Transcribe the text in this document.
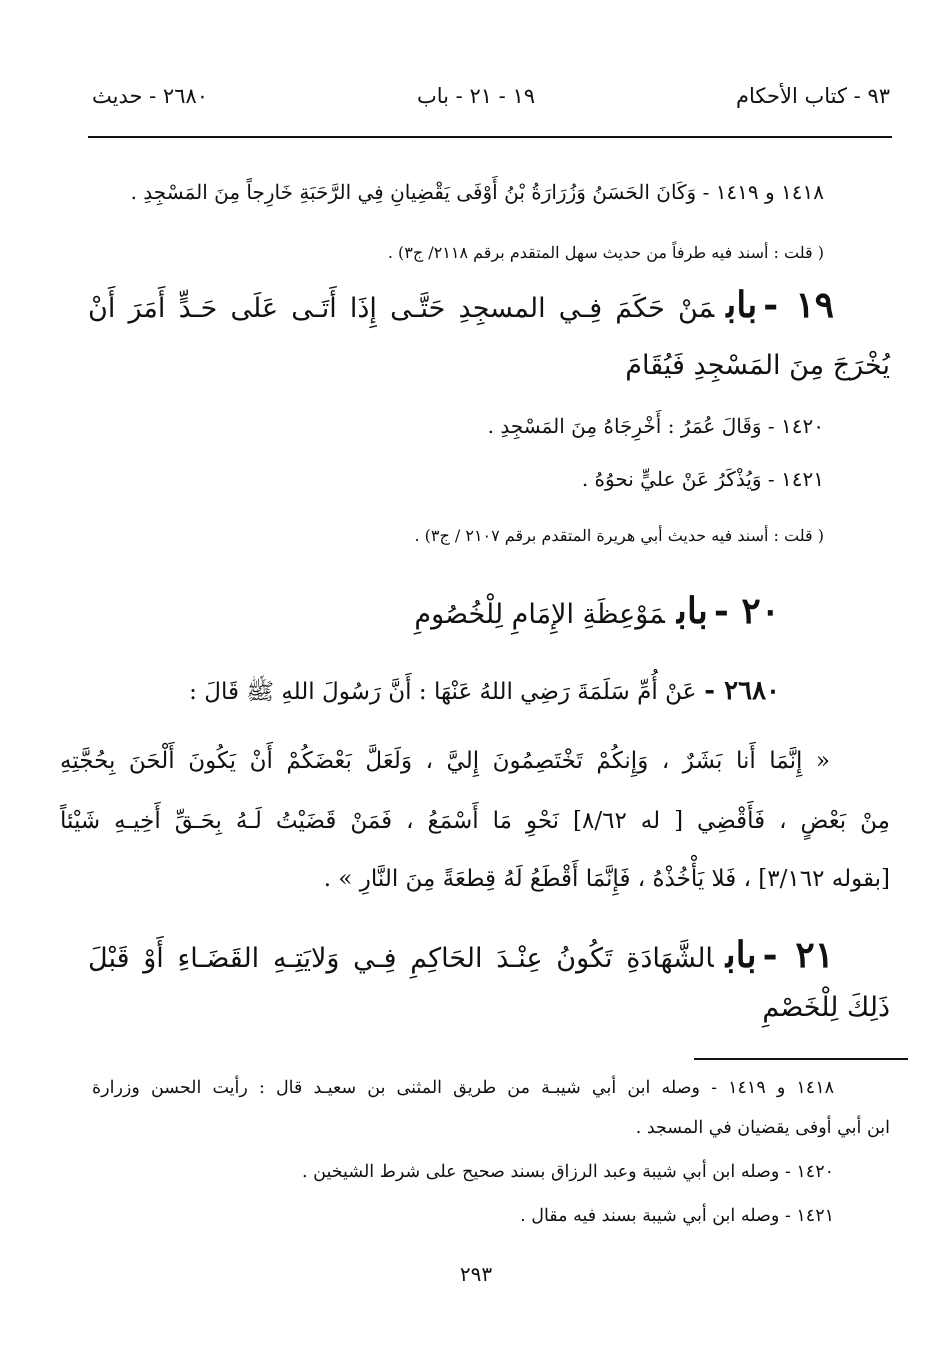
٩٣ - كتاب الأحكام
١٩ - ٢١ - باب
٢٦٨٠ - حديث
١٤١٨ و ١٤١٩ - وَكَانَ الحَسَنُ وَزُرَارَةُ بْنُ أَوْفَى يَقْضِيانِ فِي الرَّحَبَةِ خَارِجاً مِنَ المَسْجِدِ .
( قلت : أسند فيه طرفاً من حديث سهل المتقدم برقم ٢١١٨/ ج٣) .
١٩ -بابمَنْ حَكَمَ فِـي المسجِدِ حَتَّـى إِذَا أَتَـى عَلَى حَـدٍّ أَمَرَ أَنْ
يُخْرَجَ مِنَ المَسْجِدِ فَيُقَامَ
١٤٢٠ - وَقَالَ عُمَرُ : أَخْرِجَاهُ مِنَ المَسْجِدِ .
١٤٢١ - وَيُذْكَرُ عَنْ عليٍّ نحوُهُ .
( قلت : أسند فيه حديث أبي هريرة المتقدم برقم ٢١٠٧ / ج٣) .
٢٠ -بابمَوْعِظَةِ الإِمَامِ لِلْخُصُومِ
٢٦٨٠ -عَنْ أُمِّ سَلَمَةَ رَضِي اللهُ عَنْهَا : أَنَّ رَسُولَ اللهِ ﷺ قَالَ :
« إِنَّمَا أَنا بَشَرٌ ، وَإِنكُمْ تَخْتَصِمُونَ إِليَّ ، وَلَعَلَّ بَعْضَكُمْ أَنْ يَكُونَ أَلْحَنَ بِحُجَّتِهِ
مِنْ بَعْضٍ ، فَأَقْضِي [ له ٨/٦٢] نَحْوِ مَا أَسْمَعُ ، فَمَنْ قَضَيْتُ لَـهُ بِحَـقِّ أَخِيـهِ شَيْئاً
[بقوله ٣/١٦٢] ، فَلا يَأْخُذْهُ ، فَإِنَّمَا أَقْطَعُ لَهُ قِطعَةً مِنَ النَّارِ » .
٢١ -بابالشَّهَادَةِ تَكُونُ عِنْـدَ الحَاكِمِ فِـي وَلايَتِـهِ القَضَـاءِ أَوْ قَبْلَ
ذَلِكَ لِلْخَصْمِ
١٤١٨ و ١٤١٩ - وصله ابن أبي شيبـة من طريق المثنى بن سعيـد قال : رأيت الحسن وزرارة
ابن أبي أوفى يقضيان في المسجد .
١٤٢٠ - وصله ابن أبي شيبة وعبد الرزاق بسند صحيح على شرط الشيخين .
١٤٢١ - وصله ابن أبي شيبة بسند فيه مقال .
٢٩٣
